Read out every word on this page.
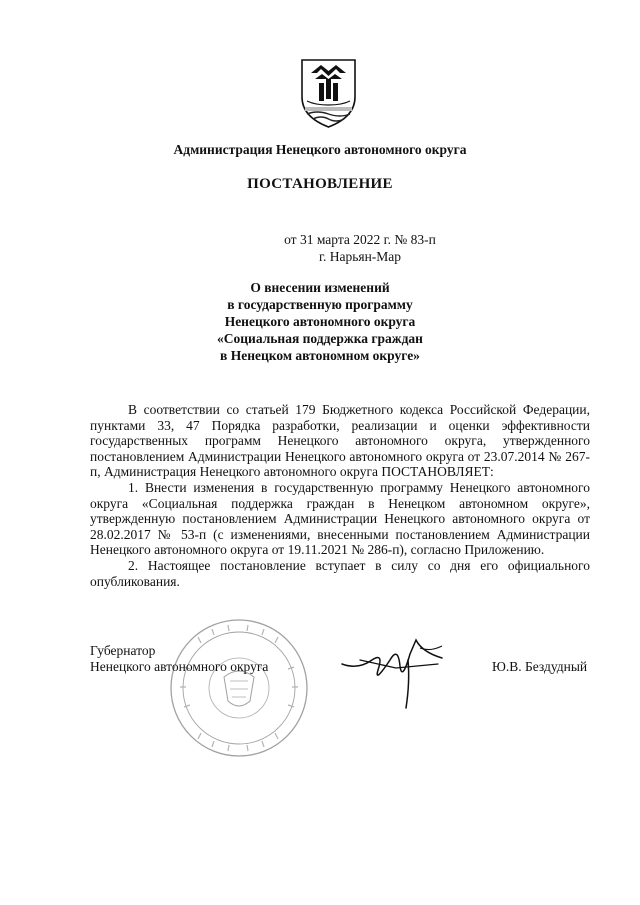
Администрация Ненецкого автономного округа
ПОСТАНОВЛЕНИЕ
от 31 марта 2022 г. № 83-п
г. Нарьян-Мар
О внесении изменений
в государственную программу
Ненецкого автономного округа
«Социальная поддержка граждан
в Ненецком автономном округе»

В соответствии со статьей 179 Бюджетного кодекса Российской Федерации, пунктами 33, 47 Порядка разработки, реализации и оценки эффективности государственных программ Ненецкого автономного округа, утвержденного постановлением Администрации Ненецкого автономного округа от 23.07.2014 № 267-п, Администрация Ненецкого автономного округа ПОСТАНОВЛЯЕТ:

1. Внести изменения в государственную программу Ненецкого автономного округа «Социальная поддержка граждан в Ненецком автономном округе», утвержденную постановлением Администрации Ненецкого автономного округа от 28.02.2017 № 53-п (с изменениями, внесенными постановлением Администрации Ненецкого автономного округа от 19.11.2021 № 286-п), согласно Приложению.

2. Настоящее постановление вступает в силу со дня его официального опубликования.

Губернатор
Ненецкого автономного округа	Ю.В. Бездудный
